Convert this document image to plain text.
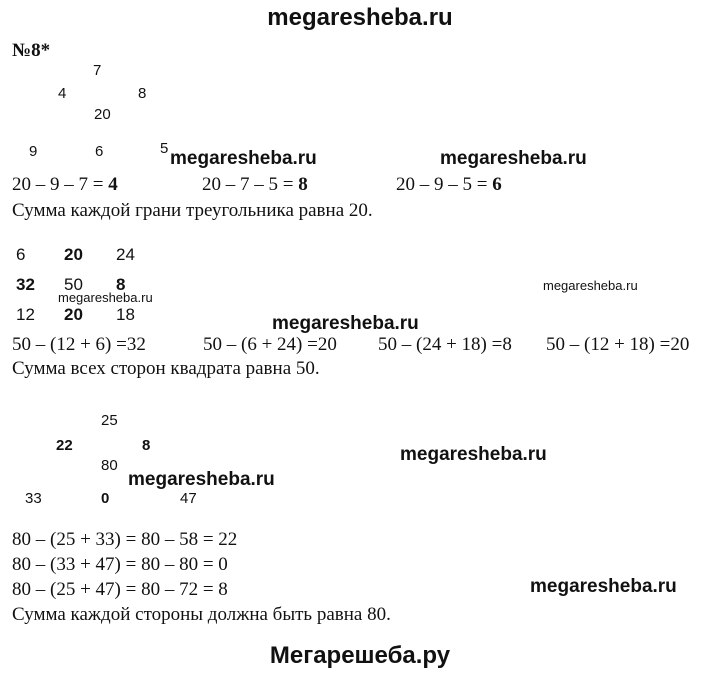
megaresheba.ru
№8*
7
4	8
20
9	6	5 megaresheba.ru	megaresheba.ru
20 – 9 – 7 = 4	20 – 7 – 5 = 8	20 – 9 – 5 = 6
Сумма каждой грани треугольника равна 20.
6 20 24
32 50 8
megaresheba.ru
megaresheba.ru
12 20 18	megaresheba.ru
50 – (12 + 6) =32	50 – (6 + 24) =20 50 – (24 + 18) =8 50 – (12 + 18) =20
Сумма всех сторон квадрата равна 50.
25
22	8	megaresheba.ru
80
megaresheba.ru
33	0	47
80 – (25 + 33) = 80 – 58 = 22
80 – (33 + 47) = 80 – 80 = 0
80 – (25 + 47) = 80 – 72 = 8	megaresheba.ru
Сумма каждой стороны должна быть равна 80.
Мегарешеба.ру
